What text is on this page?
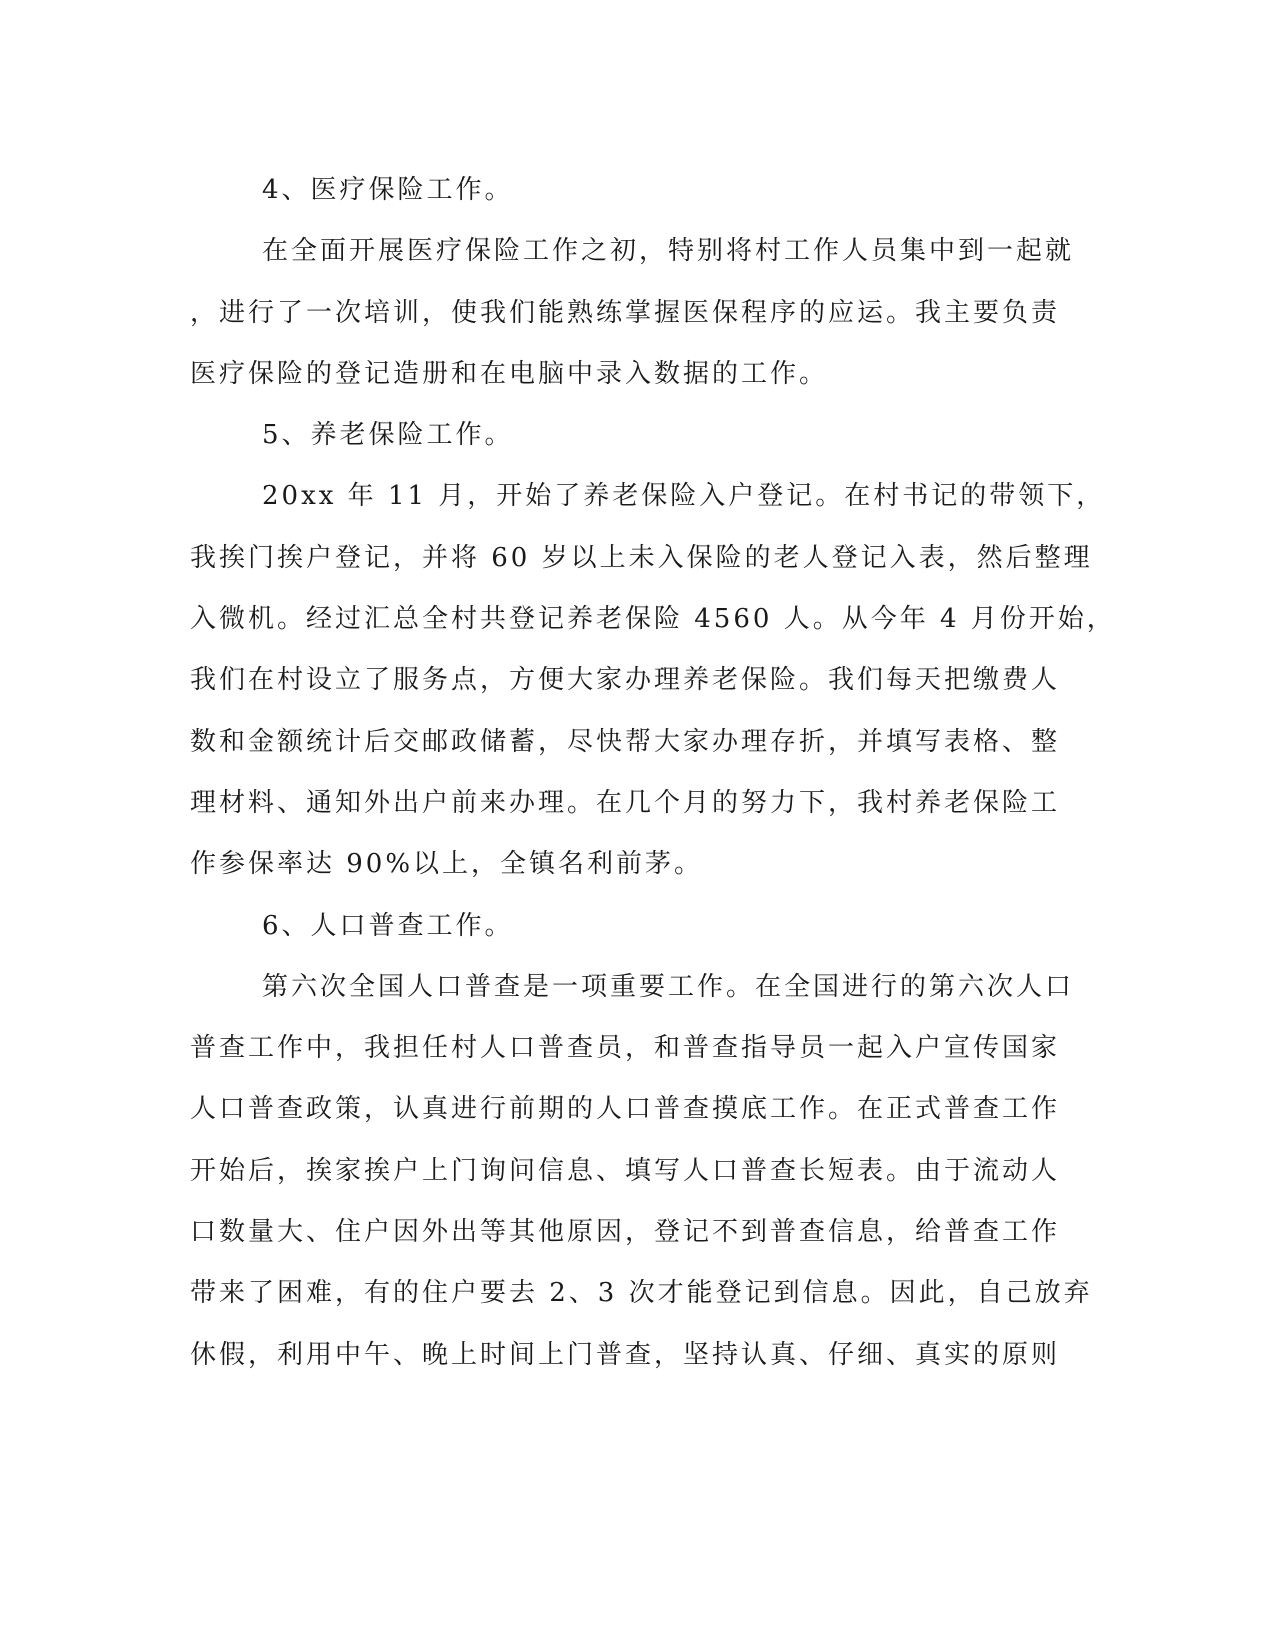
4、医疗保险工作。
在全面开展医疗保险工作之初，特别将村工作人员集中到一起就
，进行了一次培训，使我们能熟练掌握医保程序的应运。我主要负责
医疗保险的登记造册和在电脑中录入数据的工作。
5、养老保险工作。
20xx 年 11 月，开始了养老保险入户登记。在村书记的带领下，
我挨门挨户登记，并将 60 岁以上未入保险的老人登记入表，然后整理
入微机。经过汇总全村共登记养老保险 4560 人。从今年 4 月份开始，
我们在村设立了服务点，方便大家办理养老保险。我们每天把缴费人
数和金额统计后交邮政储蓄，尽快帮大家办理存折，并填写表格、整
理材料、通知外出户前来办理。在几个月的努力下，我村养老保险工
作参保率达 90%以上，全镇名利前茅。
6、人口普查工作。
第六次全国人口普查是一项重要工作。在全国进行的第六次人口
普查工作中，我担任村人口普查员，和普查指导员一起入户宣传国家
人口普查政策，认真进行前期的人口普查摸底工作。在正式普查工作
开始后，挨家挨户上门询问信息、填写人口普查长短表。由于流动人
口数量大、住户因外出等其他原因，登记不到普查信息，给普查工作
带来了困难，有的住户要去 2、3 次才能登记到信息。因此，自己放弃
休假，利用中午、晚上时间上门普查，坚持认真、仔细、真实的原则
